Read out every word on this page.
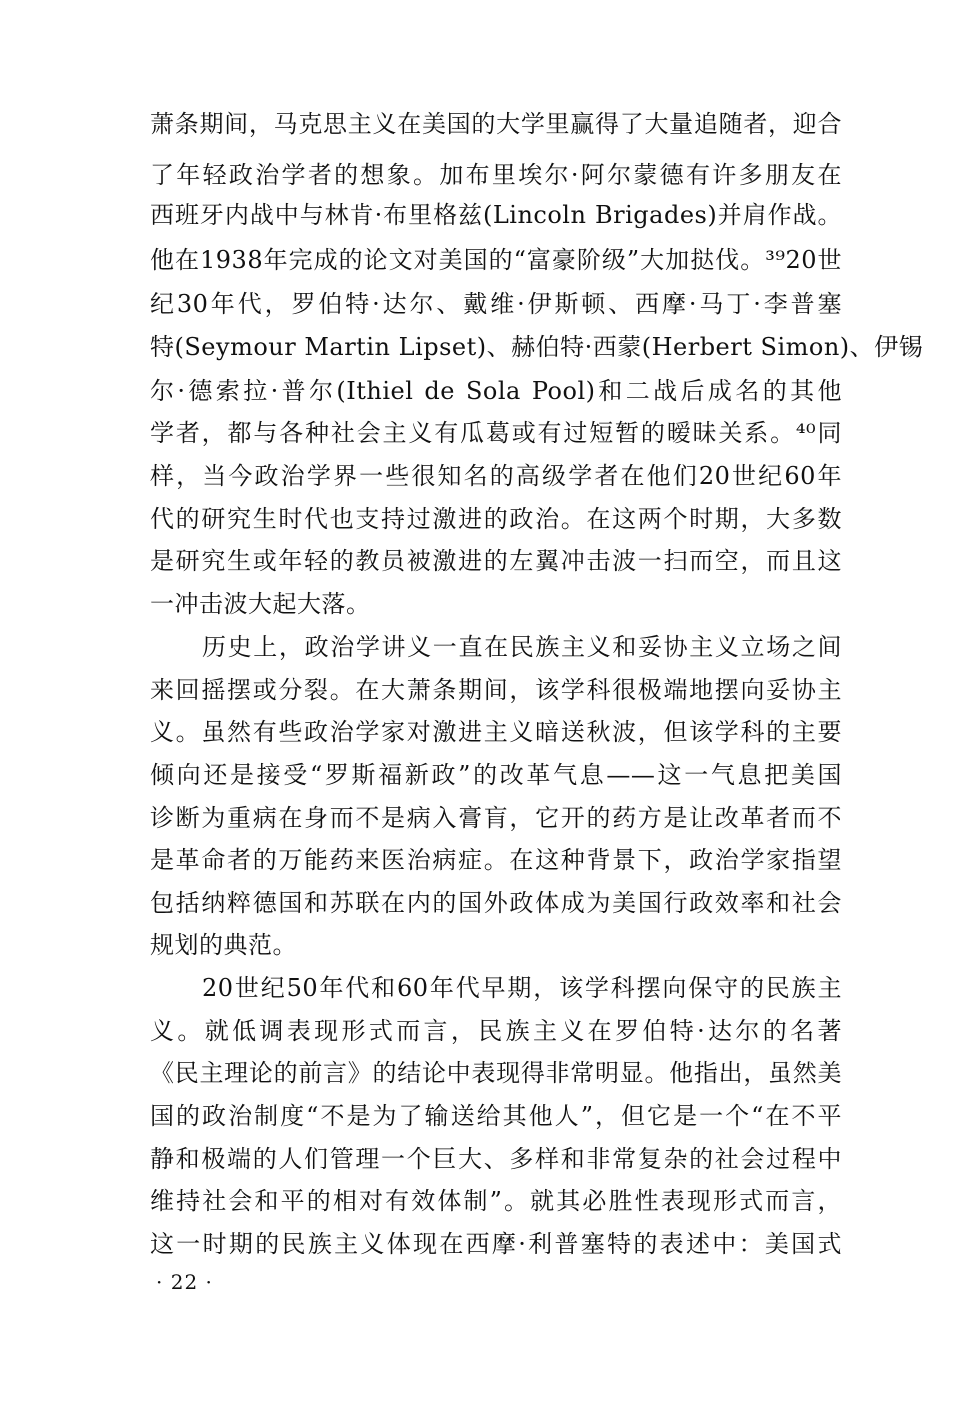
萧条期间，马克思主义在美国的大学里赢得了大量追随者，迎合
了年轻政治学者的想象。加布里埃尔·阿尔蒙德有许多朋友在
西班牙内战中与林肯·布里格兹(Lincoln Brigades)并肩作战。
他在1938年完成的论文对美国的“富豪阶级”大加挞伐。³⁹20世
纪30年代，罗伯特·达尔、戴维·伊斯顿、西摩·马丁·李普塞
特(Seymour Martin Lipset)、赫伯特·西蒙(Herbert Simon)、伊锡
尔·德索拉·普尔(Ithiel de Sola Pool)和二战后成名的其他
学者，都与各种社会主义有瓜葛或有过短暂的暧昧关系。⁴⁰同
样，当今政治学界一些很知名的高级学者在他们20世纪60年
代的研究生时代也支持过激进的政治。在这两个时期，大多数
是研究生或年轻的教员被激进的左翼冲击波一扫而空，而且这
一冲击波大起大落。
历史上，政治学讲义一直在民族主义和妥协主义立场之间
来回摇摆或分裂。在大萧条期间，该学科很极端地摆向妥协主
义。虽然有些政治学家对激进主义暗送秋波，但该学科的主要
倾向还是接受“罗斯福新政”的改革气息——这一气息把美国
诊断为重病在身而不是病入膏肓，它开的药方是让改革者而不
是革命者的万能药来医治病症。在这种背景下，政治学家指望
包括纳粹德国和苏联在内的国外政体成为美国行政效率和社会
规划的典范。
20世纪50年代和60年代早期，该学科摆向保守的民族主
义。就低调表现形式而言，民族主义在罗伯特·达尔的名著
《民主理论的前言》的结论中表现得非常明显。他指出，虽然美
国的政治制度“不是为了输送给其他人”，但它是一个“在不平
静和极端的人们管理一个巨大、多样和非常复杂的社会过程中
维持社会和平的相对有效体制”。就其必胜性表现形式而言，
这一时期的民族主义体现在西摩·利普塞特的表述中：美国式
· 22 ·
